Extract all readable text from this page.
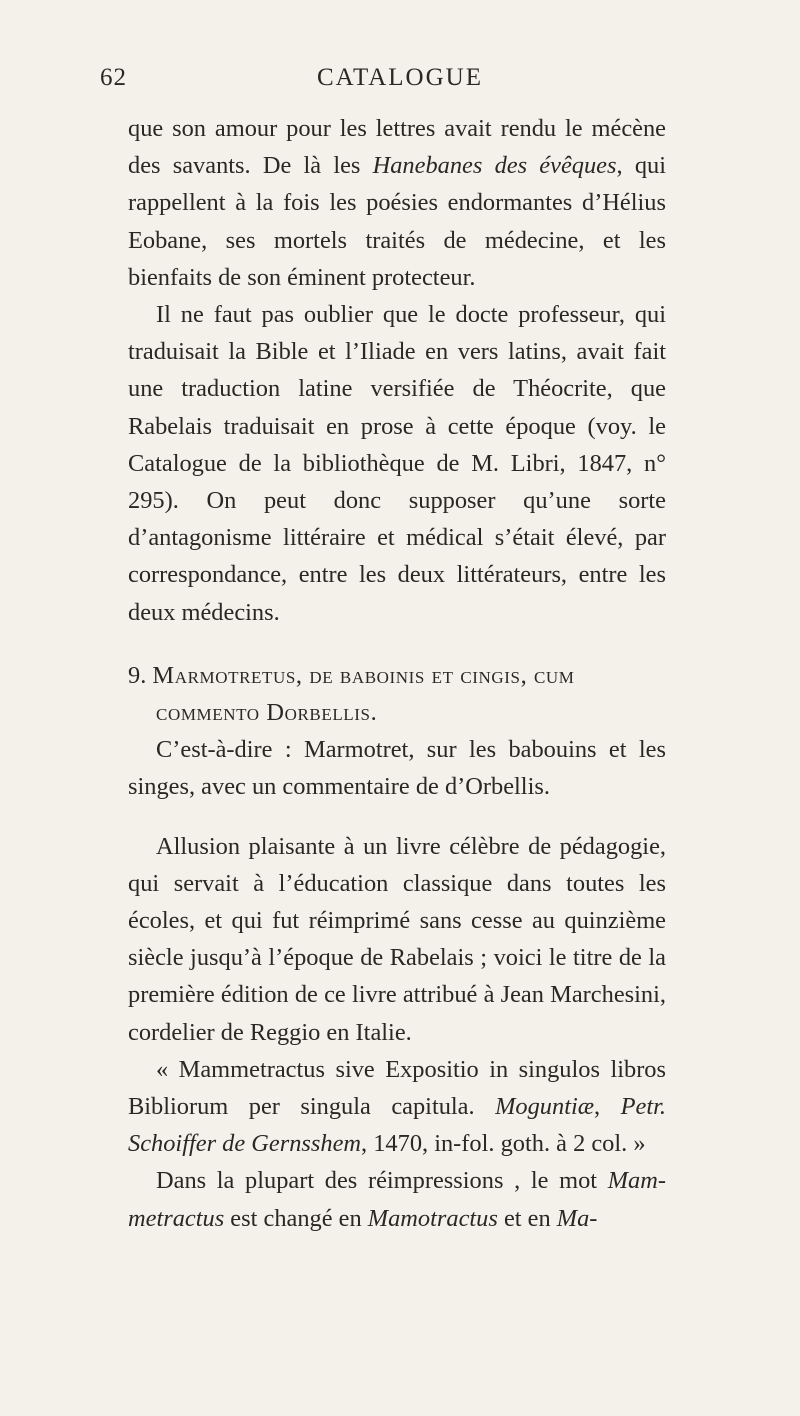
62	CATALOGUE

que son amour pour les lettres avait rendu le mécène des savants. De là les Hanebanes des évêques, qui rappellent à la fois les poésies endormantes d’Hélius Eobane, ses mortels traités de médecine, et les bienfaits de son éminent protecteur.

Il ne faut pas oublier que le docte professeur, qui traduisait la Bible et l’Iliade en vers latins, avait fait une traduction latine versifiée de Théocrite, que Rabelais traduisait en prose à cette époque (voy. le Catalogue de la bibliothèque de M. Libri, 1847, n° 295). On peut donc supposer qu’une sorte d’antagonisme littéraire et médical s’était élevé, par correspondance, entre les deux littérateurs, entre les deux médecins.

9. Marmotretus, de baboinis et cingis, cum
commento Dorbellis.

C’est-à-dire : Marmotret, sur les babouins et les singes, avec un commentaire de d’Orbellis.

Allusion plaisante à un livre célèbre de pédagogie, qui servait à l’éducation classique dans toutes les écoles, et qui fut réimprimé sans cesse au quinzième siècle jusqu’à l’époque de Rabelais ; voici le titre de la première édition de ce livre attribué à Jean Marchesini, cordelier de Reggio en Italie.

« Mammetractus sive Expositio in singulos libros Bibliorum per singula capitula. Moguntiæ, Petr. Schoiffer de Gernsshem, 1470, in-fol. goth. à 2 col. »

Dans la plupart des réimpressions , le mot Mammetractus est changé en Mamotractus et en Ma-
